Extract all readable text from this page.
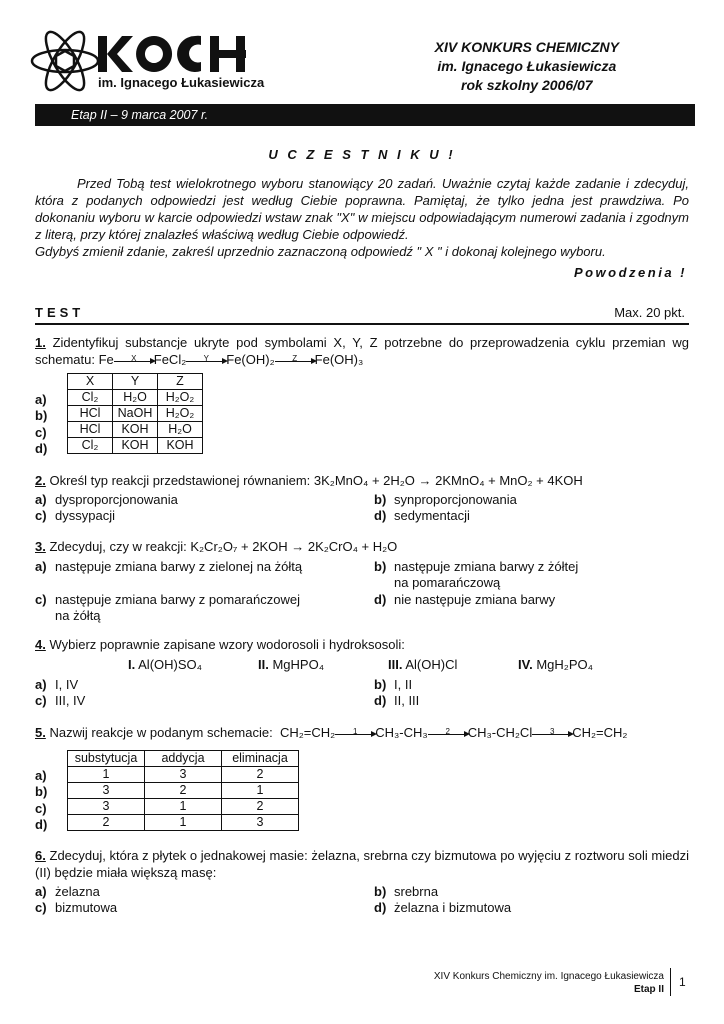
im. Ignacego Łukasiewicza
XIV KONKURS CHEMICZNY
im. Ignacego Łukasiewicza
rok szkolny 2006/07
Etap II – 9 marca 2007 r.
U C Z E S T N I K U !
Przed Tobą test wielokrotnego wyboru stanowiący 20 zadań. Uważnie czytaj każde zadanie i zdecyduj, która z podanych odpowiedzi jest według Ciebie poprawna. Pamiętaj, że tylko jedna jest prawdziwa. Po dokonaniu wyboru w karcie odpowiedzi wstaw znak "X" w miejscu odpowiadającym numerowi zadania i zgodnym z literą, przy której znalazłeś właściwą według Ciebie odpowiedź.
Gdybyś zmienił zdanie, zakreśl uprzednio zaznaczoną odpowiedź " X " i dokonaj kolejnego wyboru.
Powodzenia !
TEST	Max. 20 pkt.
1. Zidentyfikuj substancje ukryte pod symbolami X, Y, Z potrzebne do przeprowadzenia cyklu przemian wg schematu: Fe	X	FeCl₂	Y	Fe(OH)₂	Z	Fe(OH)₃
X	Y	Z
Cl₂	H₂O	H₂O₂
HCl	NaOH	H₂O₂
HCl	KOH	H₂O
Cl₂	KOH	KOH
a)
b)
c)
d)
2. Określ typ reakcji przedstawionej równaniem: 3K₂MnO₄ + 2H₂O → 2KMnO₄ + MnO₂ + 4KOH
a) dysproporcjonowania	b) synproporcjonowania
c) dyssypacji	d) sedymentacji
3. Zdecyduj, czy w reakcji: K₂Cr₂O₇ + 2KOH → 2K₂CrO₄ + H₂O
a) następuje zmiana barwy z zielonej na żółtą	b) następuje zmiana barwy z żółtej
na pomarańczową
c) następuje zmiana barwy z pomarańczowej
na żółtą
d) nie następuje zmiana barwy
4. Wybierz poprawnie zapisane wzory wodorosoli i hydroksosoli:
I. Al(OH)SO₄	II. MgHPO₄	III. Al(OH)Cl	IV. MgH₂PO₄
a) I, IV	b) I, II
c) III, IV	d) II, III
5. Nazwij reakcje w podanym schemacie: CH₂=CH₂	1	CH₃-CH₃	2	CH₃-CH₂Cl	3	CH₂=CH₂
substytucja	addycja	eliminacja
1	3	2
3	2	1
3	1	2
2	1	3
a)
b)
c)
d)
6. Zdecyduj, która z płytek o jednakowej masie: żelazna, srebrna czy bizmutowa po wyjęciu z roztworu soli miedzi (II) będzie miała większą masę:
a) żelazna	b) srebrna
c) bizmutowa	d) żelazna i bizmutowa
XIV Konkurs Chemiczny im. Ignacego Łukasiewicza
Etap II
1
